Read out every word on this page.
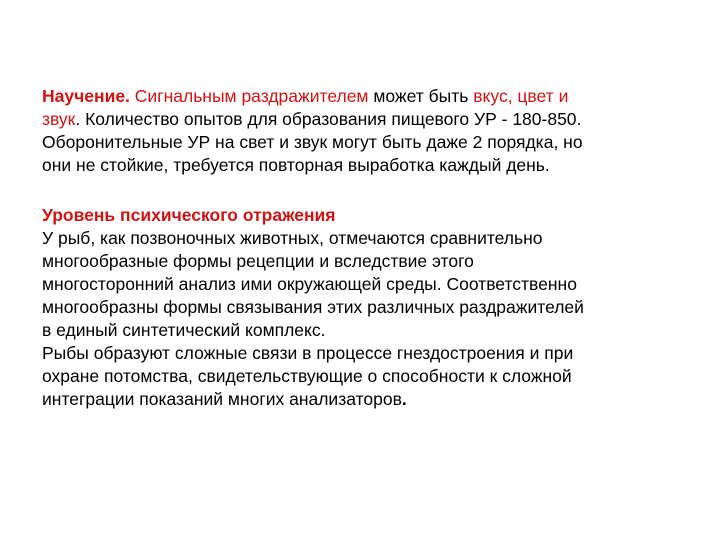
Научение. Сигнальным раздражителем может быть вкус, цвет и
звук. Количество опытов для образования пищевого УР - 180-850.
Оборонительные УР на свет и звук могут быть даже 2 порядка, но
они не стойкие, требуется повторная выработка каждый день.
Уровень психического отражения
У рыб, как позвоночных животных, отмечаются сравнительно
многообразные формы рецепции и вследствие этого
многосторонний анализ ими окружающей среды. Соответственно
многообразны формы связывания этих различных раздражителей
в единый синтетический комплекс.
Рыбы образуют сложные связи в процессе гнездостроения и при
охране потомства, свидетельствующие о способности к сложной
интеграции показаний многих анализаторов.
